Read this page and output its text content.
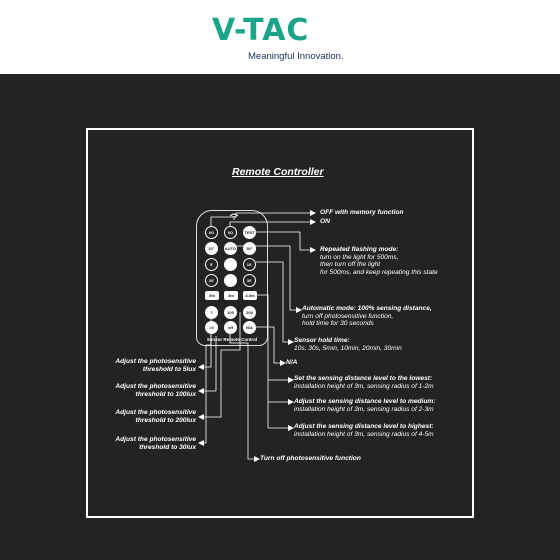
V-TAC
Meaningful Innovation.
Remote Controller
I/O	I/O	TEST
10"	AUTO	30"
5'	10'
20'	30'
5m	3m	4-5m
5	100	200
30	off	N/A
Sensor Remote Control
OFF with memory function
ON
Repeated flashing mode:
turn on the light for 500ms,
then turn off the light
for 500ms, and keep repeating this state
Automatic mode: 100% sensing distance,
turn off photosensitive function,
hold time for 30 seconds
Sensor hold time:
10s, 30s, 5min, 10min, 20min, 30min
N/A
Set the sensing distance level to the lowest:
installation height of 3m, sensing radius of 1-2m
Adjust the sensing distance level to medium:
installation height of 3m, sensing radius of 2-3m
Adjust the sensing distance level to highest:
installation height of 3m, sensing radius of 4-5m
Turn off photosensitive function
Adjust the photosensitive
threshold to 5lux
Adjust the photosensitive
threshold to 100lux
Adjust the photosensitive
threshold to 200lux
Adjust the photosensitive
threshold to 30lux
